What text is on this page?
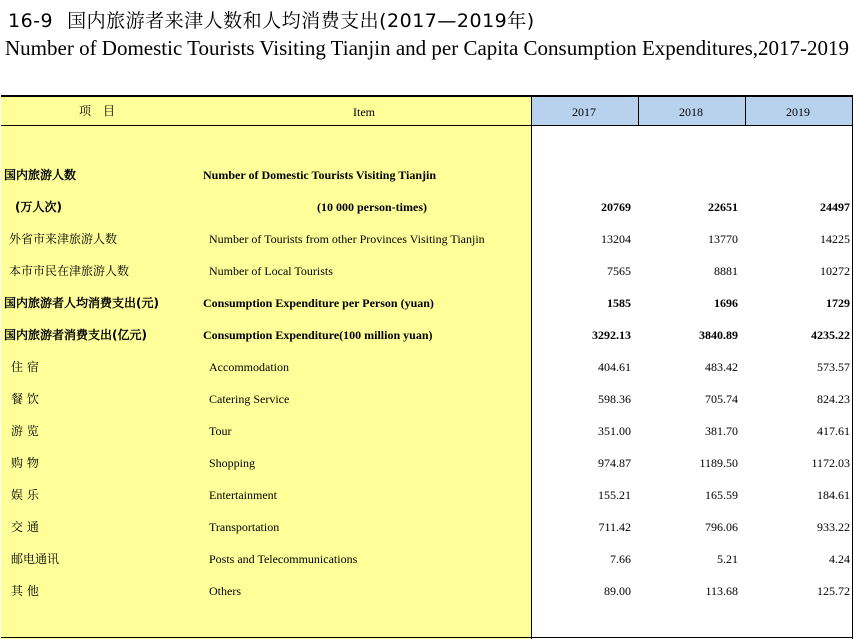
16-9 国内旅游者来津人数和人均消费支出(2017—2019年)
Number of Domestic Tourists Visiting Tianjin and per Capita Consumption Expenditures,2017-2019
项　目	Item	2017	2018	2019
国内旅游人数	Number of Domestic Tourists Visiting Tianjin
(万人次)	(10 000 person-times)	20769	22651	24497
外省市来津旅游人数	Number of Tourists from other Provinces Visiting Tianjin	13204	13770	14225
本市市民在津旅游人数	Number of Local Tourists	7565	8881	10272
国内旅游者人均消费支出(元)	Consumption Expenditure per Person (yuan)	1585	1696	1729
国内旅游者消费支出(亿元)	Consumption Expenditure(100 million yuan)	3292.13	3840.89	4235.22
住 宿	Accommodation	404.61	483.42	573.57
餐 饮	Catering Service	598.36	705.74	824.23
游 览	Tour	351.00	381.70	417.61
购 物	Shopping	974.87	1189.50	1172.03
娱 乐	Entertainment	155.21	165.59	184.61
交 通	Transportation	711.42	796.06	933.22
邮电通讯	Posts and Telecommunications	7.66	5.21	4.24
其 他	Others	89.00	113.68	125.72
